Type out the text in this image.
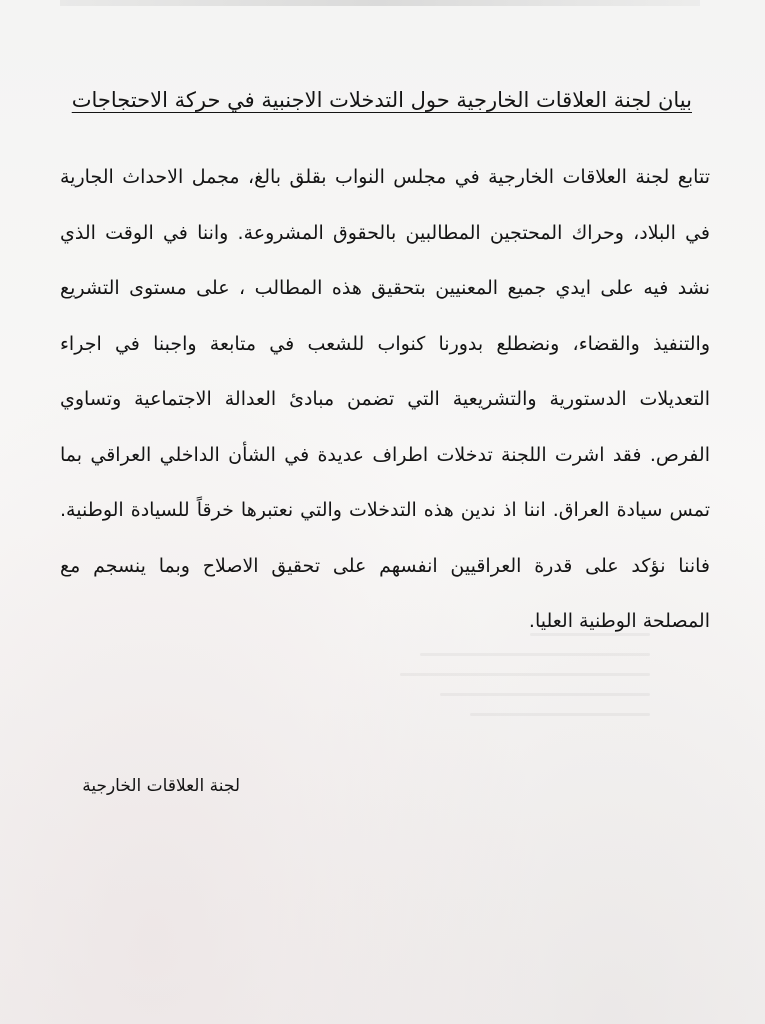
بيان لجنة العلاقات الخارجية حول التدخلات الاجنبية في حركة الاحتجاجات
تتابع لجنة العلاقات الخارجية في مجلس النواب بقلق بالغ، مجمل الاحداث الجارية
في البلاد، وحراك المحتجين المطالبين بالحقوق المشروعة. واننا في الوقت الذي
نشد فيه على ايدي جميع المعنيين بتحقيق هذه المطالب ، على مستوى التشريع
والتنفيذ والقضاء، ونضطلع بدورنا كنواب للشعب في متابعة واجبنا في اجراء
التعديلات الدستورية والتشريعية التي تضمن مبادئ العدالة الاجتماعية وتساوي
الفرص. فقد اشرت اللجنة تدخلات اطراف عديدة في الشأن الداخلي العراقي بما
تمس سيادة العراق. اننا اذ ندين هذه التدخلات والتي نعتبرها خرقاً للسيادة الوطنية.
فاننا نؤكد على قدرة العراقيين انفسهم على تحقيق الاصلاح وبما ينسجم مع
المصلحة الوطنية العليا.
لجنة العلاقات الخارجية
